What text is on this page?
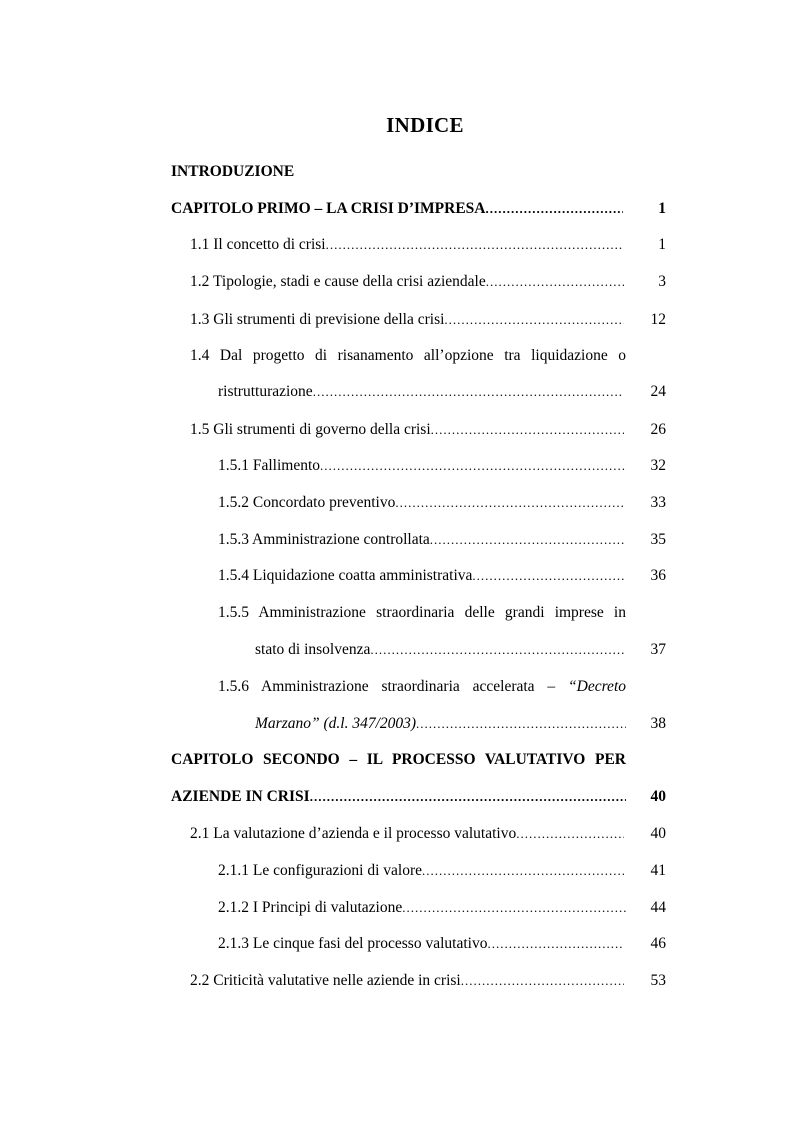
INDICE
INTRODUZIONE
CAPITOLO PRIMO – LA CRISI D’IMPRESA .....	1
1.1 Il concetto di crisi .....	1
1.2 Tipologie, stadi e cause della crisi aziendale .....	3
1.3 Gli strumenti di previsione della crisi .....	12
1.4 Dal progetto di risanamento all’opzione tra liquidazione o
ristrutturazione .....	24
1.5 Gli strumenti di governo della crisi .....	26
1.5.1 Fallimento .....	32
1.5.2 Concordato preventivo .....	33
1.5.3 Amministrazione controllata .....	35
1.5.4 Liquidazione coatta amministrativa .....	36
1.5.5 Amministrazione straordinaria delle grandi imprese in
stato di insolvenza .....	37
1.5.6 Amministrazione straordinaria accelerata – “Decreto
Marzano” (d.l. 347/2003) .....	38
CAPITOLO SECONDO – IL PROCESSO VALUTATIVO PER
AZIENDE IN CRISI .....	40
2.1 La valutazione d’azienda e il processo valutativo .....	40
2.1.1 Le configurazioni di valore .....	41
2.1.2 I Principi di valutazione .....	44
2.1.3 Le cinque fasi del processo valutativo .....	46
2.2 Criticità valutative nelle aziende in crisi .....	53
